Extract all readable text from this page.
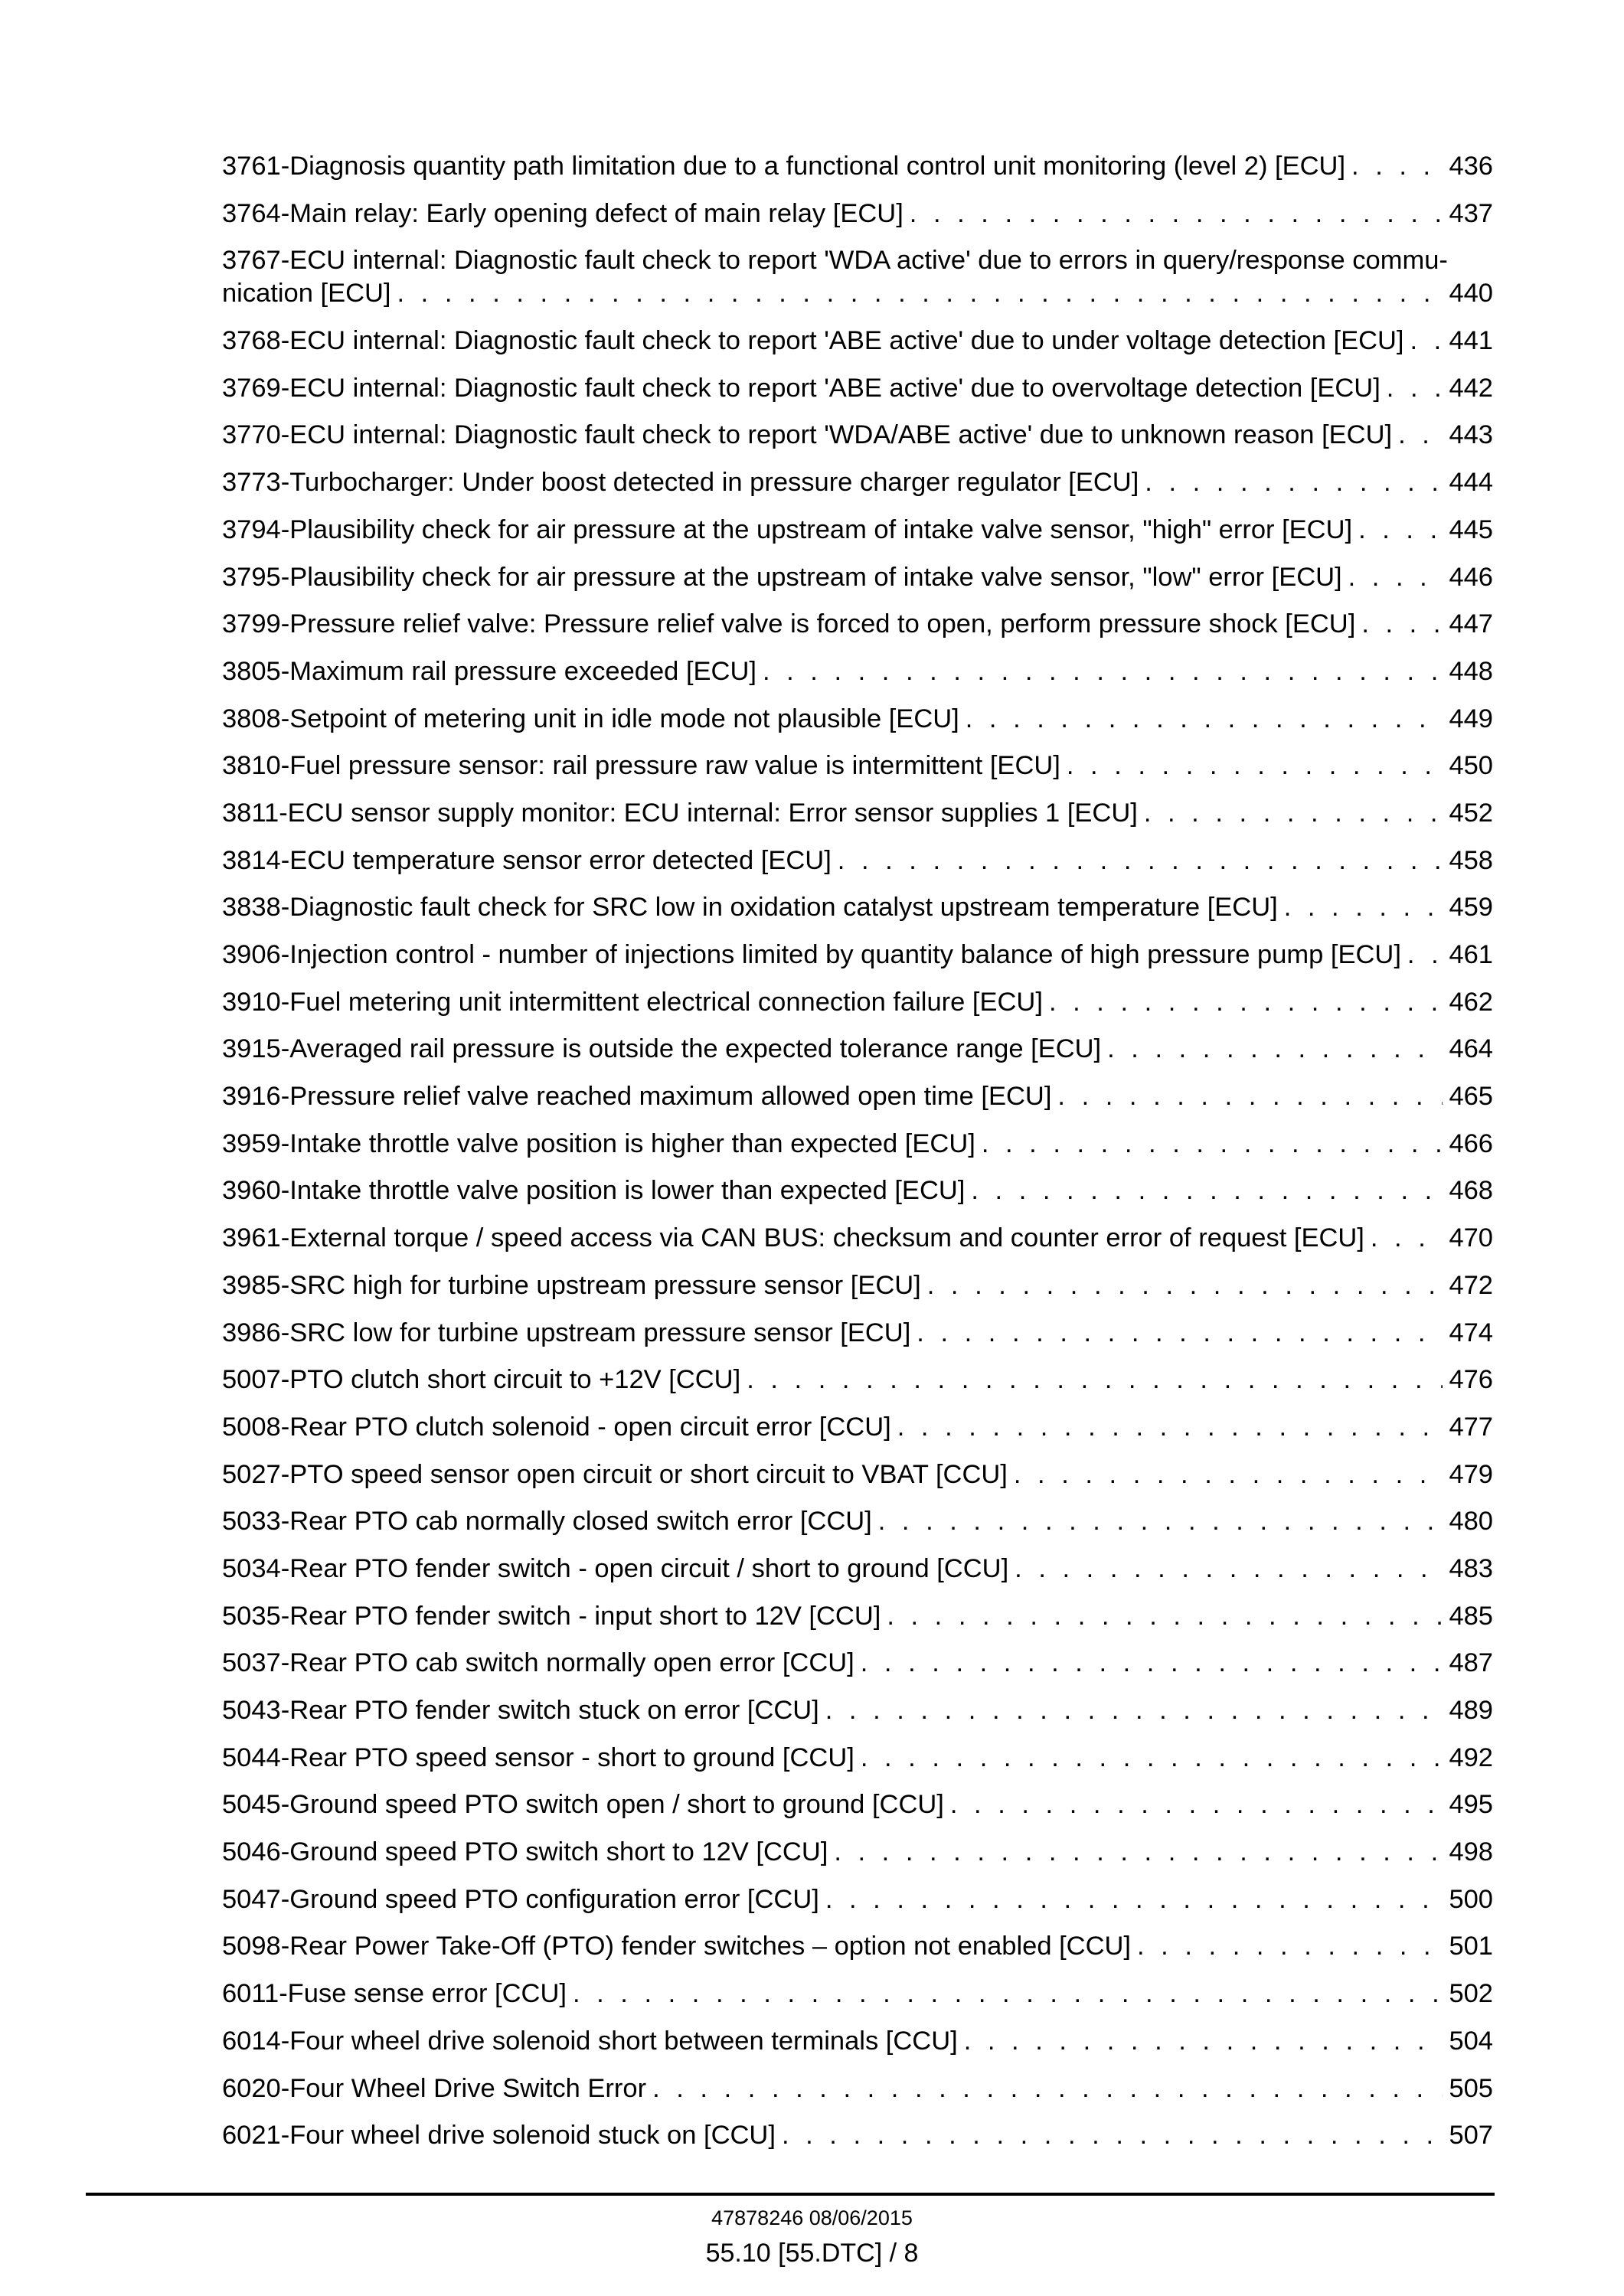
3761-Diagnosis quantity path limitation due to a functional control unit monitoring (level 2) [ECU] . . .	436
3764-Main relay: Early opening defect of main relay [ECU] . . .	437
3767-ECU internal: Diagnostic fault check to report 'WDA active' due to errors in query/response commu-
nication [ECU] . . .	440
3768-ECU internal: Diagnostic fault check to report 'ABE active' due to under voltage detection [ECU] . . . 441
3769-ECU internal: Diagnostic fault check to report 'ABE active' due to overvoltage detection [ECU] . . .	442
3770-ECU internal: Diagnostic fault check to report 'WDA/ABE active' due to unknown reason [ECU] . . . 443
3773-Turbocharger: Under boost detected in pressure charger regulator [ECU] . . .	444
3794-Plausibility check for air pressure at the upstream of intake valve sensor, "high" error [ECU] . . .	445
3795-Plausibility check for air pressure at the upstream of intake valve sensor, "low" error [ECU] . . .	446
3799-Pressure relief valve: Pressure relief valve is forced to open, perform pressure shock [ECU] . . .	447
3805-Maximum rail pressure exceeded [ECU] . . .	448
3808-Setpoint of metering unit in idle mode not plausible [ECU] . . .	449
3810-Fuel pressure sensor: rail pressure raw value is intermittent [ECU] . . .	450
3811-ECU sensor supply monitor: ECU internal: Error sensor supplies 1 [ECU] . . .	452
3814-ECU temperature sensor error detected [ECU] . . .	458
3838-Diagnostic fault check for SRC low in oxidation catalyst upstream temperature [ECU] . . .	459
3906-Injection control - number of injections limited by quantity balance of high pressure pump [ECU] . . . 461
3910-Fuel metering unit intermittent electrical connection failure [ECU] . . .	462
3915-Averaged rail pressure is outside the expected tolerance range [ECU] . . .	464
3916-Pressure relief valve reached maximum allowed open time [ECU] . . .	465
3959-Intake throttle valve position is higher than expected [ECU] . . .	466
3960-Intake throttle valve position is lower than expected [ECU] . . .	468
3961-External torque / speed access via CAN BUS: checksum and counter error of request [ECU] . . .	470
3985-SRC high for turbine upstream pressure sensor [ECU] . . .	472
3986-SRC low for turbine upstream pressure sensor [ECU] . . .	474
5007-PTO clutch short circuit to +12V [CCU] . . .	476
5008-Rear PTO clutch solenoid - open circuit error [CCU] . . .	477
5027-PTO speed sensor open circuit or short circuit to VBAT [CCU] . . .	479
5033-Rear PTO cab normally closed switch error [CCU] . . .	480
5034-Rear PTO fender switch - open circuit / short to ground [CCU] . . .	483
5035-Rear PTO fender switch - input short to 12V [CCU] . . .	485
5037-Rear PTO cab switch normally open error [CCU] . . .	487
5043-Rear PTO fender switch stuck on error [CCU] . . .	489
5044-Rear PTO speed sensor - short to ground [CCU] . . .	492
5045-Ground speed PTO switch open / short to ground [CCU] . . .	495
5046-Ground speed PTO switch short to 12V [CCU] . . .	498
5047-Ground speed PTO configuration error [CCU] . . .	500
5098-Rear Power Take-Off (PTO) fender switches – option not enabled [CCU] . . .	501
6011-Fuse sense error [CCU] . . .	502
6014-Four wheel drive solenoid short between terminals [CCU] . . .	504
6020-Four Wheel Drive Switch Error . . .	505
6021-Four wheel drive solenoid stuck on [CCU] . . .	507
47878246 08/06/2015
55.10 [55.DTC] / 8
